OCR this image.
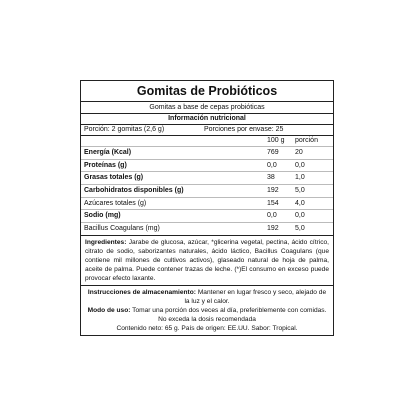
Gomitas de Probióticos
Gomitas a base de cepas probióticas
Información nutricional
Porción: 2 gomitas (2,6 g)	Porciones por envase: 25
100 g porción
Energía (Kcal)	769 20
Proteínas (g)	0,0	0,0
Grasas totales (g)	38	1,0
Carbohidratos disponibles (g)	192 5,0
Azúcares totales (g)	154 4,0
Sodio (mg)	0,0	0,0
Bacillus Coagulans (mg)	192 5,0
Ingredientes: Jarabe de glucosa, azúcar, *glicerina vegetal, pectina, ácido cítrico, citrato de sodio, saborizantes naturales, ácido láctico, Bacillus Coagulans (que contiene mil millones de cultivos activos), glaseado natural de hoja de palma, aceite de palma. Puede contener trazas de leche. (*)El consumo en exceso puede provocar efecto laxante.
Instrucciones de almacenamiento: Mantener en lugar fresco y seco, alejado de la luz y el calor.
Modo de uso: Tomar una porción dos veces al día, preferiblemente con comidas. No exceda la dosis recomendada
Contenido neto: 65 g. País de origen: EE.UU. Sabor: Tropical.
